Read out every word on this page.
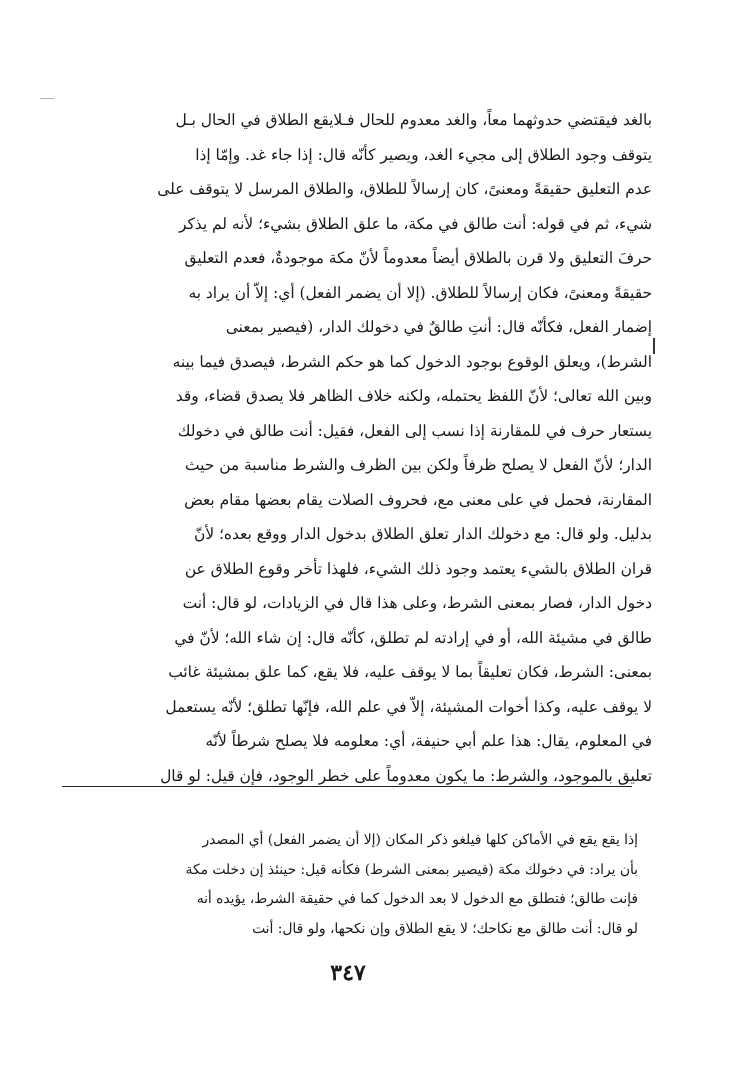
بالغد فيقتضي حدوثهما معاً، والغد معدوم للحال فـلايقع الطلاق في الحال بـل
يتوقف وجود الطلاق إلى مجيء الغد، ويصير كأنّه قال: إذا جاء غد. وإمّا إذا
عدم التعليق حقيقةً ومعنىً، كان إرسالاً للطلاق، والطلاق المرسل لا يتوقف على
شيء، ثم في قوله: أنت طالق في مكة، ما علق الطلاق بشيء؛ لأنه لم يذكر
حرفَ التعليق ولا قرن بالطلاق أيضاً معدوماً لأنّ مكة موجودةٌ، فعدم التعليق
حقيقةً ومعنىً، فكان إرسالاً للطلاق. (إلا أن يضمر الفعل) أي: إلاّ أن يراد به
إضمار الفعل، فكأنّه قال: أنتِ طالقٌ في دخولك الدار، (فيصير بمعنى
الشرط)، ويعلق الوقوع بوجود الدخول كما هو حكم الشرط، فيصدق فيما بينه
وبين الله تعالى؛ لأنّ اللفظ يحتمله، ولكنه خلاف الظاهر فلا يصدق قضاء، وقد
يستعار حرف في للمقارنة إذا نسب إلى الفعل، فقيل: أنت طالق في دخولك
الدار؛ لأنّ الفعل لا يصلح ظرفاً ولكن بين الظرف والشرط مناسبة من حيث
المقارنة، فحمل في على معنى مع، فحروف الصلات يقام بعضها مقام بعض
بدليل. ولو قال: مع دخولك الدار تعلق الطلاق بدخول الدار ووقع بعده؛ لأنّ
قران الطلاق بالشيء يعتمد وجود ذلك الشيء، فلهذا تأخر وقوع الطلاق عن
دخول الدار، فصار بمعنى الشرط، وعلى هذا قال في الزيادات، لو قال: أنت
طالق في مشيئة الله، أو في إرادته لم تطلق، كأنّه قال: إن شاء الله؛ لأنّ في
بمعنى: الشرط، فكان تعليقاً بما لا يوقف عليه، فلا يقع، كما علق بمشيئة غائب
لا يوقف عليه، وكذا أخوات المشيئة، إلاّ في علم الله، فإنّها تطلق؛ لأنّه يستعمل
في المعلوم، يقال: هذا علم أبي حنيفة، أي: معلومه فلا يصلح شرطاً لأنّه
تعليق بالموجود، والشرط: ما يكون معدوماً على خطر الوجود، فإن قيل: لو قال
إذا يقع يقع في الأماكن كلها فيلغو ذكر المكان (إلا أن يضمر الفعل) أي المصدر
بأن يراد: في دخولك مكة (فيصير بمعنى الشرط) فكأنه قيل: حينئذ إن دخلت مكة
فإنت طالق؛ فتطلق مع الدخول لا بعد الدخول كما في حقيقة الشرط، يؤيده أنه
لو قال: أنت طالق مع نكاحك؛ لا يقع الطلاق وإن نكحها، ولو قال: أنت
٣٤٧
